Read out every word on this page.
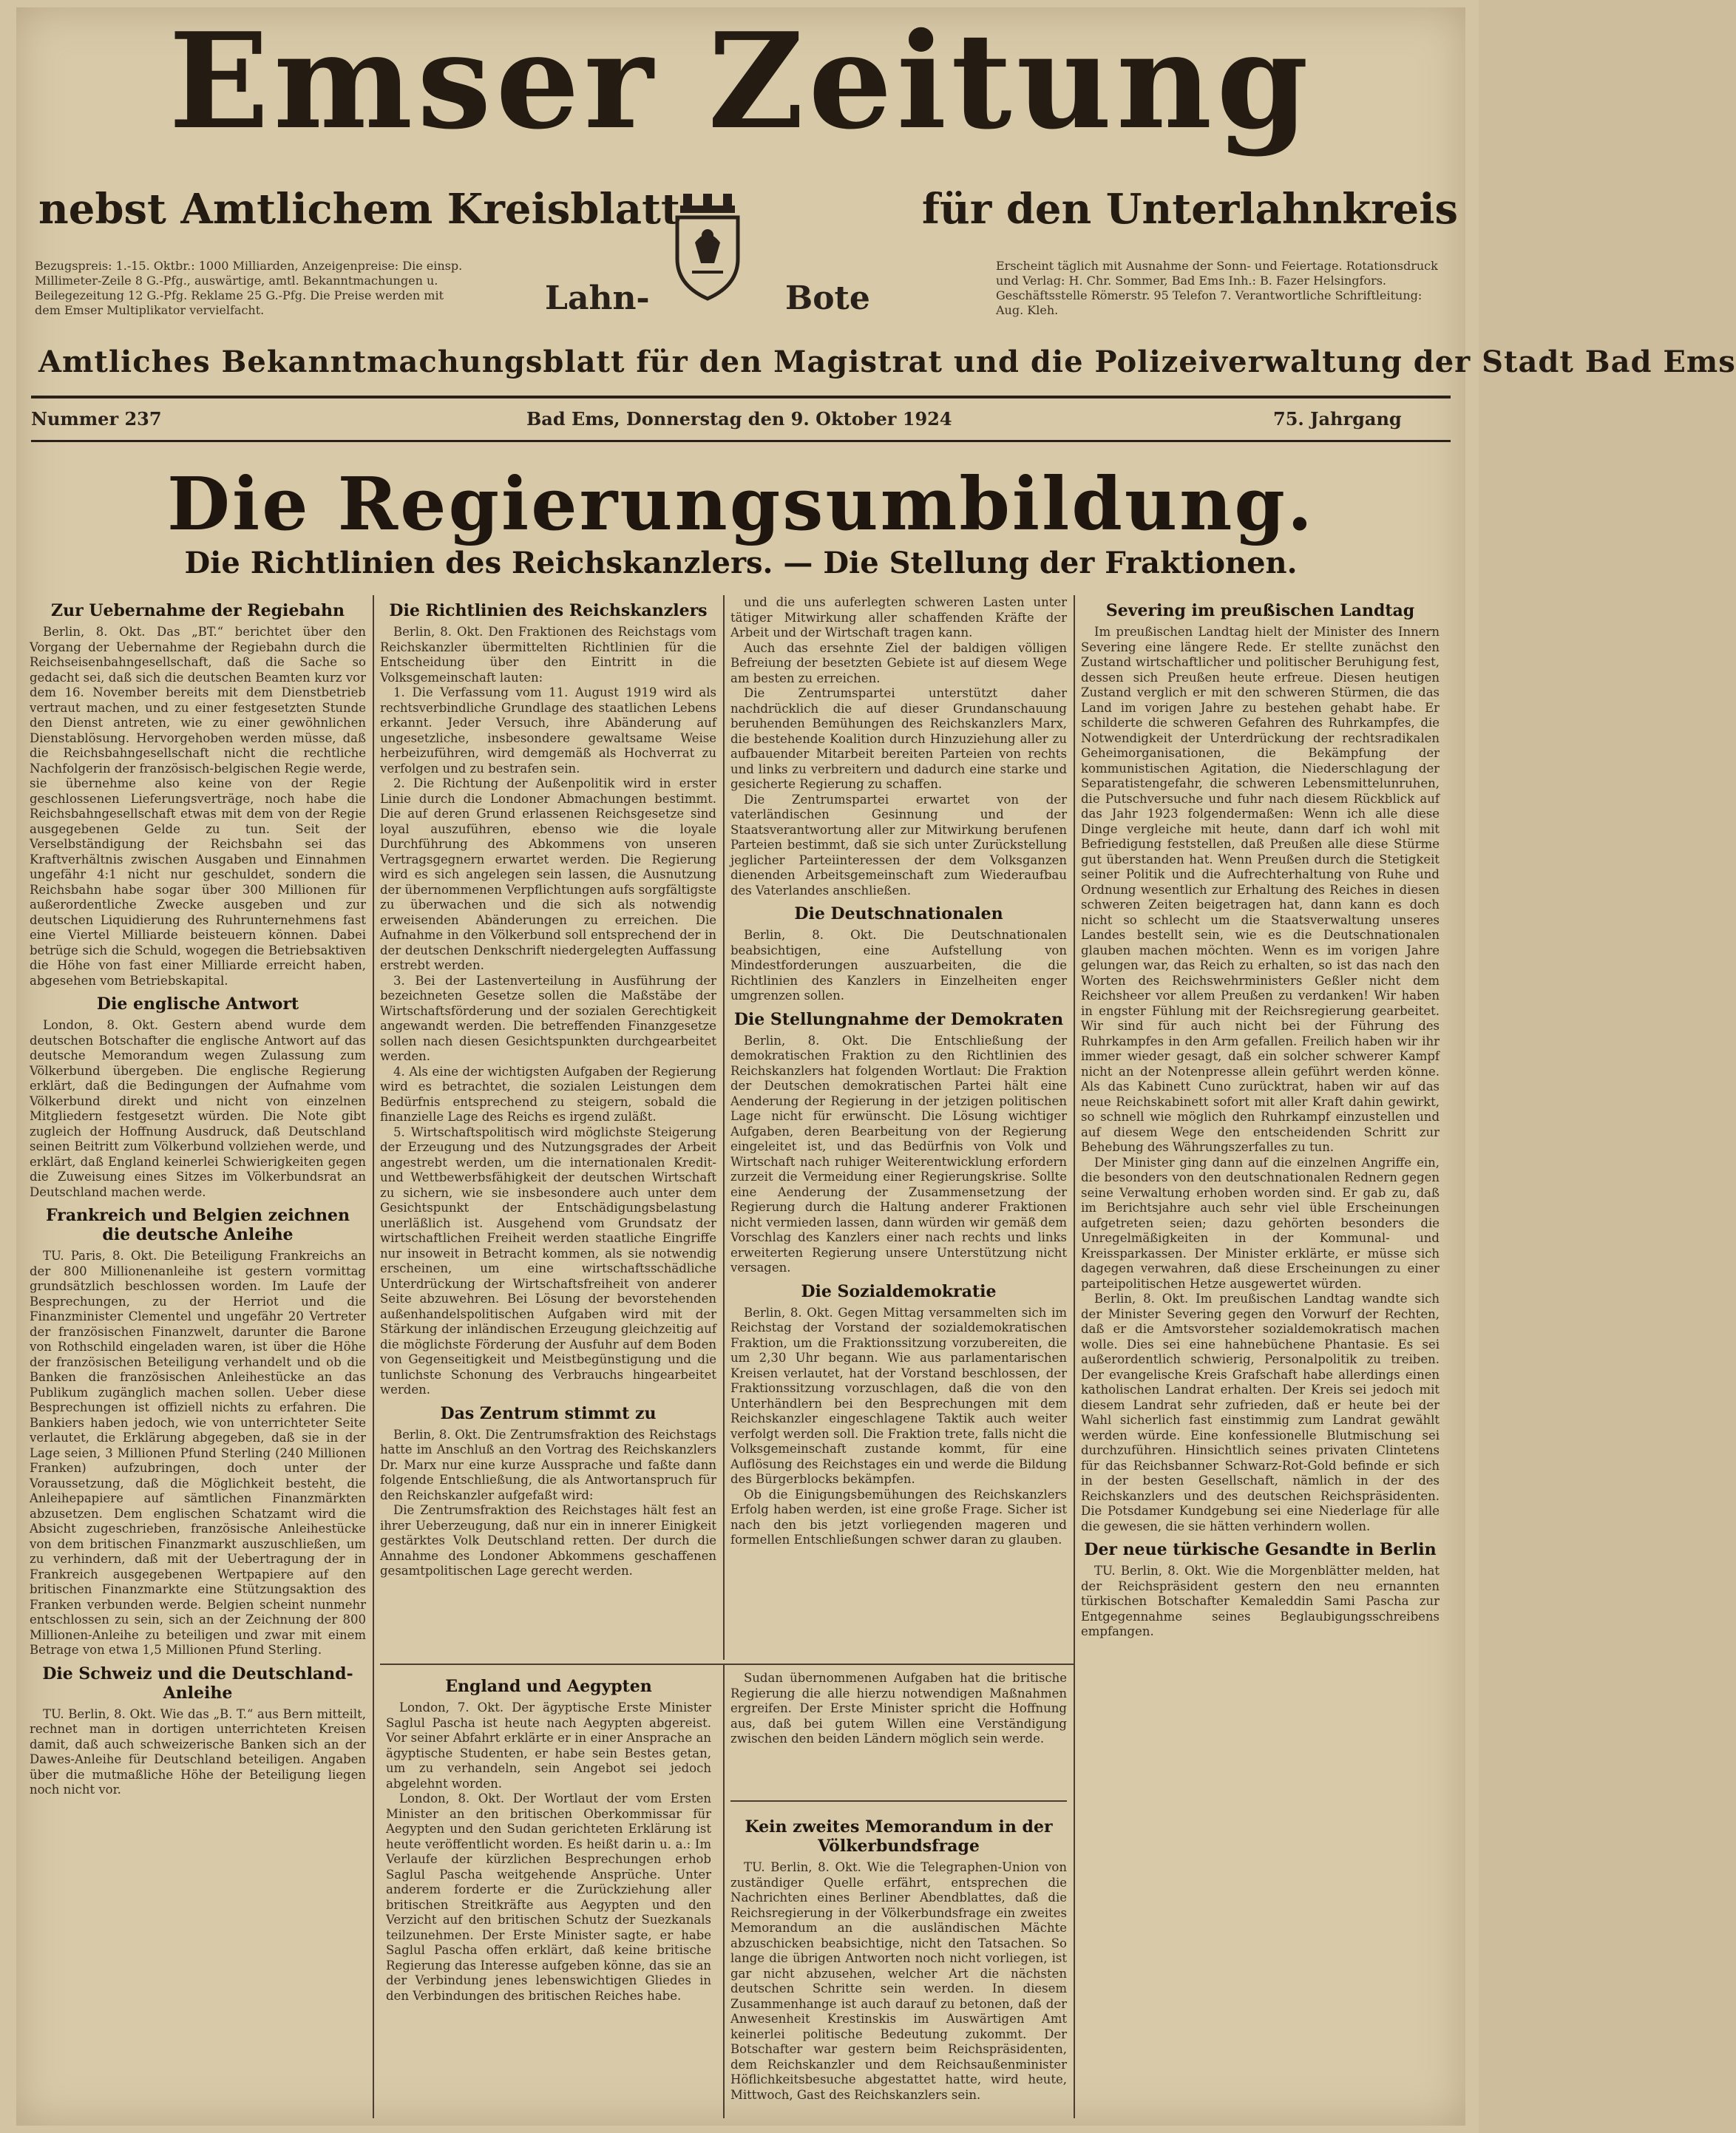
Emser Zeitung
nebst Amtlichem Kreisblatt	für den Unterlahnkreis
Lahn-	Bote
Bezugspreis: 1.-15. Oktbr.: 1000 Milliarden, Anzeigenpreise: Die einsp. Millimeter-Zeile 8 G.-Pfg., auswärtige, amtl. Bekanntmachungen u. Beilegezeitung 12 G.-Pfg. Reklame 25 G.-Pfg. Die Preise werden mit dem Emser Multiplikator vervielfacht.
Erscheint täglich mit Ausnahme der Sonn- und Feiertage. Rotationsdruck und Verlag: H. Chr. Sommer, Bad Ems Inh.: B. Fazer Helsingfors. Geschäftsstelle Römerstr. 95 Telefon 7. Verantwortliche Schriftleitung: Aug. Kleh.
Amtliches Bekanntmachungsblatt für den Magistrat und die Polizeiverwaltung der Stadt Bad Ems
Nummer 237	Bad Ems, Donnerstag den 9. Oktober 1924	75. Jahrgang
Die Regierungsumbildung.
Die Richtlinien des Reichskanzlers. — Die Stellung der Fraktionen.
Zur Uebernahme der Regiebahn

Berlin, 8. Okt. Das „BT.“ berichtet über den Vorgang der Uebernahme der Regiebahn durch die Reichseisenbahngesellschaft, daß die Sache so gedacht sei, daß sich die deutschen Beamten kurz vor dem 16. November bereits mit dem Dienstbetrieb vertraut machen, und zu einer festgesetzten Stunde den Dienst antreten, wie zu einer gewöhnlichen Dienstablösung. Hervorgehoben werden müsse, daß die Reichsbahngesellschaft nicht die rechtliche Nachfolgerin der französisch-belgischen Regie werde, sie übernehme also keine von der Regie geschlossenen Lieferungsverträge, noch habe die Reichsbahngesellschaft etwas mit dem von der Regie ausgegebenen Gelde zu tun. Seit der Verselbständigung der Reichsbahn sei das Kraftverhältnis zwischen Ausgaben und Einnahmen ungefähr 4:1 nicht nur geschuldet, sondern die Reichsbahn habe sogar über 300 Millionen für außerordentliche Zwecke ausgeben und zur deutschen Liquidierung des Ruhrunternehmens fast eine Viertel Milliarde beisteuern können. Dabei betrüge sich die Schuld, wogegen die Betriebsaktiven die Höhe von fast einer Milliarde erreicht haben, abgesehen vom Betriebskapital.

Die englische Antwort

London, 8. Okt. Gestern abend wurde dem deutschen Botschafter die englische Antwort auf das deutsche Memorandum wegen Zulassung zum Völkerbund übergeben. Die englische Regierung erklärt, daß die Bedingungen der Aufnahme vom Völkerbund direkt und nicht von einzelnen Mitgliedern festgesetzt würden. Die Note gibt zugleich der Hoffnung Ausdruck, daß Deutschland seinen Beitritt zum Völkerbund vollziehen werde, und erklärt, daß England keinerlei Schwierigkeiten gegen die Zuweisung eines Sitzes im Völkerbundsrat an Deutschland machen werde.

Frankreich und Belgien zeichnen die deutsche Anleihe

TU. Paris, 8. Okt. Die Beteiligung Frankreichs an der 800 Millionenanleihe ist gestern vormittag grundsätzlich beschlossen worden. Im Laufe der Besprechungen, zu der Herriot und die Finanzminister Clementel und ungefähr 20 Vertreter der französischen Finanzwelt, darunter die Barone von Rothschild eingeladen waren, ist über die Höhe der französischen Beteiligung verhandelt und ob die Banken die französischen Anleihestücke an das Publikum zugänglich machen sollen. Ueber diese Besprechungen ist offiziell nichts zu erfahren. Die Bankiers haben jedoch, wie von unterrichteter Seite verlautet, die Erklärung abgegeben, daß sie in der Lage seien, 3 Millionen Pfund Sterling (240 Millionen Franken) aufzubringen, doch unter der Voraussetzung, daß die Möglichkeit besteht, die Anleihepapiere auf sämtlichen Finanzmärkten abzusetzen. Dem englischen Schatzamt wird die Absicht zugeschrieben, französische Anleihestücke von dem britischen Finanzmarkt auszuschließen, um zu verhindern, daß mit der Uebertragung der in Frankreich ausgegebenen Wertpapiere auf den britischen Finanzmarkte eine Stützungsaktion des Franken verbunden werde. Belgien scheint nunmehr entschlossen zu sein, sich an der Zeichnung der 800 Millionen-Anleihe zu beteiligen und zwar mit einem Betrage von etwa 1,5 Millionen Pfund Sterling.

Die Schweiz und die Deutschland-Anleihe

TU. Berlin, 8. Okt. Wie das „B. T.“ aus Bern mitteilt, rechnet man in dortigen unterrichteten Kreisen damit, daß auch schweizerische Banken sich an der Dawes-Anleihe für Deutschland beteiligen. Angaben über die mutmaßliche Höhe der Beteiligung liegen noch nicht vor.

Die Richtlinien des Reichskanzlers

Berlin, 8. Okt. Den Fraktionen des Reichstags vom Reichskanzler übermittelten Richtlinien für die Entscheidung über den Eintritt in die Volksgemeinschaft lauten:

1. Die Verfassung vom 11. August 1919 wird als rechtsverbindliche Grundlage des staatlichen Lebens erkannt. Jeder Versuch, ihre Abänderung auf ungesetzliche, insbesondere gewaltsame Weise herbeizuführen, wird demgemäß als Hochverrat zu verfolgen und zu bestrafen sein.

2. Die Richtung der Außenpolitik wird in erster Linie durch die Londoner Abmachungen bestimmt. Die auf deren Grund erlassenen Reichsgesetze sind loyal auszuführen, ebenso wie die loyale Durchführung des Abkommens von unseren Vertragsgegnern erwartet werden. Die Regierung wird es sich angelegen sein lassen, die Ausnutzung der übernommenen Verpflichtungen aufs sorgfältigste zu überwachen und die sich als notwendig erweisenden Abänderungen zu erreichen. Die Aufnahme in den Völkerbund soll entsprechend der in der deutschen Denkschrift niedergelegten Auffassung erstrebt werden.

3. Bei der Lastenverteilung in Ausführung der bezeichneten Gesetze sollen die Maßstäbe der Wirtschaftsförderung und der sozialen Gerechtigkeit angewandt werden. Die betreffenden Finanzgesetze sollen nach diesen Gesichtspunkten durchgearbeitet werden.

4. Als eine der wichtigsten Aufgaben der Regierung wird es betrachtet, die sozialen Leistungen dem Bedürfnis entsprechend zu steigern, sobald die finanzielle Lage des Reichs es irgend zuläßt.

5. Wirtschaftspolitisch wird möglichste Steigerung der Erzeugung und des Nutzungsgrades der Arbeit angestrebt werden, um die internationalen Kredit- und Wettbewerbsfähigkeit der deutschen Wirtschaft zu sichern, wie sie insbesondere auch unter dem Gesichtspunkt der Entschädigungsbelastung unerläßlich ist. Ausgehend vom Grundsatz der wirtschaftlichen Freiheit werden staatliche Eingriffe nur insoweit in Betracht kommen, als sie notwendig erscheinen, um eine wirtschaftsschädliche Unterdrückung der Wirtschaftsfreiheit von anderer Seite abzuwehren. Bei Lösung der bevorstehenden außenhandelspolitischen Aufgaben wird mit der Stärkung der inländischen Erzeugung gleichzeitig auf die möglichste Förderung der Ausfuhr auf dem Boden von Gegenseitigkeit und Meistbegünstigung und die tunlichste Schonung des Verbrauchs hingearbeitet werden.

Das Zentrum stimmt zu

Berlin, 8. Okt. Die Zentrumsfraktion des Reichstags hatte im Anschluß an den Vortrag des Reichskanzlers Dr. Marx nur eine kurze Aussprache und faßte dann folgende Entschließung, die als Antwortanspruch für den Reichskanzler aufgefaßt wird:

Die Zentrumsfraktion des Reichstages hält fest an ihrer Ueberzeugung, daß nur ein in innerer Einigkeit gestärktes Volk Deutschland retten. Der durch die Annahme des Londoner Abkommens geschaffenen gesamtpolitischen Lage gerecht werden.

und die uns auferlegten schweren Lasten unter tätiger Mitwirkung aller schaffenden Kräfte der Arbeit und der Wirtschaft tragen kann.

Auch das ersehnte Ziel der baldigen völligen Befreiung der besetzten Gebiete ist auf diesem Wege am besten zu erreichen.

Die Zentrumspartei unterstützt daher nachdrücklich die auf dieser Grundanschauung beruhenden Bemühungen des Reichskanzlers Marx, die bestehende Koalition durch Hinzuziehung aller zu aufbauender Mitarbeit bereiten Parteien von rechts und links zu verbreitern und dadurch eine starke und gesicherte Regierung zu schaffen.

Die Zentrumspartei erwartet von der vaterländischen Gesinnung und der Staatsverantwortung aller zur Mitwirkung berufenen Parteien bestimmt, daß sie sich unter Zurückstellung jeglicher Parteiinteressen der dem Volksganzen dienenden Arbeitsgemeinschaft zum Wiederaufbau des Vaterlandes anschließen.

Die Deutschnationalen

Berlin, 8. Okt. Die Deutschnationalen beabsichtigen, eine Aufstellung von Mindestforderungen auszuarbeiten, die die Richtlinien des Kanzlers in Einzelheiten enger umgrenzen sollen.

Die Stellungnahme der Demokraten

Berlin, 8. Okt. Die Entschließung der demokratischen Fraktion zu den Richtlinien des Reichskanzlers hat folgenden Wortlaut: Die Fraktion der Deutschen demokratischen Partei hält eine Aenderung der Regierung in der jetzigen politischen Lage nicht für erwünscht. Die Lösung wichtiger Aufgaben, deren Bearbeitung von der Regierung eingeleitet ist, und das Bedürfnis von Volk und Wirtschaft nach ruhiger Weiterentwicklung erfordern zurzeit die Vermeidung einer Regierungskrise. Sollte eine Aenderung der Zusammensetzung der Regierung durch die Haltung anderer Fraktionen nicht vermieden lassen, dann würden wir gemäß dem Vorschlag des Kanzlers einer nach rechts und links erweiterten Regierung unsere Unterstützung nicht versagen.

Die Sozialdemokratie

Berlin, 8. Okt. Gegen Mittag versammelten sich im Reichstag der Vorstand der sozialdemokratischen Fraktion, um die Fraktionssitzung vorzubereiten, die um 2,30 Uhr begann. Wie aus parlamentarischen Kreisen verlautet, hat der Vorstand beschlossen, der Fraktionssitzung vorzuschlagen, daß die von den Unterhändlern bei den Besprechungen mit dem Reichskanzler eingeschlagene Taktik auch weiter verfolgt werden soll. Die Fraktion trete, falls nicht die Volksgemeinschaft zustande kommt, für eine Auflösung des Reichstages ein und werde die Bildung des Bürgerblocks bekämpfen.

Ob die Einigungsbemühungen des Reichskanzlers Erfolg haben werden, ist eine große Frage. Sicher ist nach den bis jetzt vorliegenden mageren und formellen Entschließungen schwer daran zu glauben.

England und Aegypten

London, 7. Okt. Der ägyptische Erste Minister Saglul Pascha ist heute nach Aegypten abgereist. Vor seiner Abfahrt erklärte er in einer Ansprache an ägyptische Studenten, er habe sein Bestes getan, um zu verhandeln, sein Angebot sei jedoch abgelehnt worden.

London, 8. Okt. Der Wortlaut der vom Ersten Minister an den britischen Oberkommissar für Aegypten und den Sudan gerichteten Erklärung ist heute veröffentlicht worden. Es heißt darin u. a.: Im Verlaufe der kürzlichen Besprechungen erhob Saglul Pascha weitgehende Ansprüche. Unter anderem forderte er die Zurückziehung aller britischen Streitkräfte aus Aegypten und den Verzicht auf den britischen Schutz der Suezkanals teilzunehmen. Der Erste Minister sagte, er habe Saglul Pascha offen erklärt, daß keine britische Regierung das Interesse aufgeben könne, das sie an der Verbindung jenes lebenswichtigen Gliedes in den Verbindungen des britischen Reiches habe.

Sudan übernommenen Aufgaben hat die britische Regierung die alle hierzu notwendigen Maßnahmen ergreifen. Der Erste Minister spricht die Hoffnung aus, daß bei gutem Willen eine Verständigung zwischen den beiden Ländern möglich sein werde.

Kein zweites Memorandum in der Völkerbundsfrage

TU. Berlin, 8. Okt. Wie die Telegraphen-Union von zuständiger Quelle erfährt, entsprechen die Nachrichten eines Berliner Abendblattes, daß die Reichsregierung in der Völkerbundsfrage ein zweites Memorandum an die ausländischen Mächte abzuschicken beabsichtige, nicht den Tatsachen. So lange die übrigen Antworten noch nicht vorliegen, ist gar nicht abzusehen, welcher Art die nächsten deutschen Schritte sein werden. In diesem Zusammenhange ist auch darauf zu betonen, daß der Anwesenheit Krestinskis im Auswärtigen Amt keinerlei politische Bedeutung zukommt. Der Botschafter war gestern beim Reichspräsidenten, dem Reichskanzler und dem Reichsaußenminister Höflichkeitsbesuche abgestattet hatte, wird heute, Mittwoch, Gast des Reichskanzlers sein.

Severing im preußischen Landtag

Im preußischen Landtag hielt der Minister des Innern Severing eine längere Rede. Er stellte zunächst den Zustand wirtschaftlicher und politischer Beruhigung fest, dessen sich Preußen heute erfreue. Diesen heutigen Zustand verglich er mit den schweren Stürmen, die das Land im vorigen Jahre zu bestehen gehabt habe. Er schilderte die schweren Gefahren des Ruhrkampfes, die Notwendigkeit der Unterdrückung der rechtsradikalen Geheimorganisationen, die Bekämpfung der kommunistischen Agitation, die Niederschlagung der Separatistengefahr, die schweren Lebensmittelunruhen, die Putschversuche und fuhr nach diesem Rückblick auf das Jahr 1923 folgendermaßen: Wenn ich alle diese Dinge vergleiche mit heute, dann darf ich wohl mit Befriedigung feststellen, daß Preußen alle diese Stürme gut überstanden hat. Wenn Preußen durch die Stetigkeit seiner Politik und die Aufrechterhaltung von Ruhe und Ordnung wesentlich zur Erhaltung des Reiches in diesen schweren Zeiten beigetragen hat, dann kann es doch nicht so schlecht um die Staatsverwaltung unseres Landes bestellt sein, wie es die Deutschnationalen glauben machen möchten. Wenn es im vorigen Jahre gelungen war, das Reich zu erhalten, so ist das nach den Worten des Reichswehrministers Geßler nicht dem Reichsheer vor allem Preußen zu verdanken! Wir haben in engster Fühlung mit der Reichsregierung gearbeitet. Wir sind für auch nicht bei der Führung des Ruhrkampfes in den Arm gefallen. Freilich haben wir ihr immer wieder gesagt, daß ein solcher schwerer Kampf nicht an der Notenpresse allein geführt werden könne. Als das Kabinett Cuno zurücktrat, haben wir auf das neue Reichskabinett sofort mit aller Kraft dahin gewirkt, so schnell wie möglich den Ruhrkampf einzustellen und auf diesem Wege den entscheidenden Schritt zur Behebung des Währungszerfalles zu tun.

Der Minister ging dann auf die einzelnen Angriffe ein, die besonders von den deutschnationalen Rednern gegen seine Verwaltung erhoben worden sind. Er gab zu, daß im Berichtsjahre auch sehr viel üble Erscheinungen aufgetreten seien; dazu gehörten besonders die Unregelmäßigkeiten in der Kommunal- und Kreissparkassen. Der Minister erklärte, er müsse sich dagegen verwahren, daß diese Erscheinungen zu einer parteipolitischen Hetze ausgewertet würden.

Berlin, 8. Okt. Im preußischen Landtag wandte sich der Minister Severing gegen den Vorwurf der Rechten, daß er die Amtsvorsteher sozialdemokratisch machen wolle. Dies sei eine hahnebüchene Phantasie. Es sei außerordentlich schwierig, Personalpolitik zu treiben. Der evangelische Kreis Grafschaft habe allerdings einen katholischen Landrat erhalten. Der Kreis sei jedoch mit diesem Landrat sehr zufrieden, daß er heute bei der Wahl sicherlich fast einstimmig zum Landrat gewählt werden würde. Eine konfessionelle Blutmischung sei durchzuführen. Hinsichtlich seines privaten Clintetens für das Reichsbanner Schwarz-Rot-Gold befinde er sich in der besten Gesellschaft, nämlich in der des Reichskanzlers und des deutschen Reichspräsidenten. Die Potsdamer Kundgebung sei eine Niederlage für alle die gewesen, die sie hätten verhindern wollen.

Der neue türkische Gesandte in Berlin

TU. Berlin, 8. Okt. Wie die Morgenblätter melden, hat der Reichspräsident gestern den neu ernannten türkischen Botschafter Kemaleddin Sami Pascha zur Entgegennahme seines Beglaubigungsschreibens empfangen.
